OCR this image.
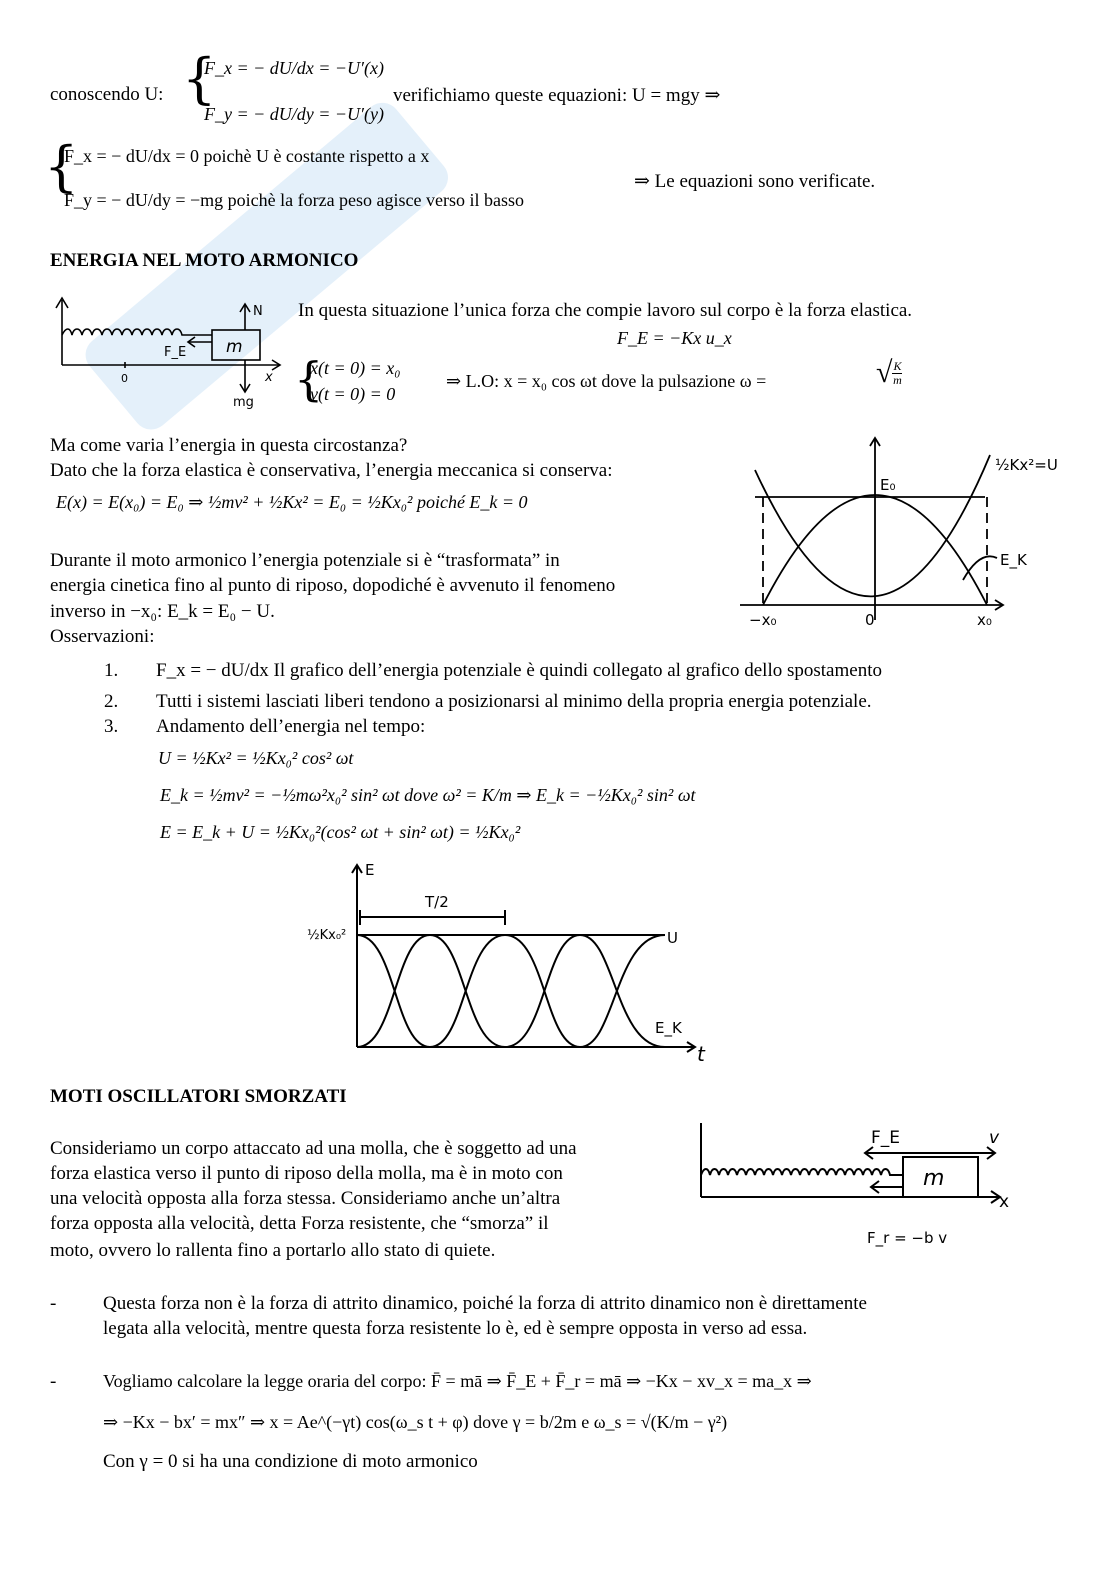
conoscendo U: {
F_x = − dU/dx = −U′(x)
F_y = − dU/dy = −U′(y)
verifichiamo queste equazioni: U = mgy ⇒
{
F_x = − dU/dx = 0 poichè U è costante rispetto a x
F_y = − dU/dy = −mg poichè la forza peso agisce verso il basso
⇒ Le equazioni sono verificate.
ENERGIA NEL MOTO ARMONICO
N
F_E m
0	x
mg
In questa situazione l’unica forza che compie lavoro sul corpo è la forza elastica.
F_E = −Kx u_x
{
x(t = 0) = x₀
v(t = 0) = 0
⇒ L.O: x = x₀ cos ωt dove la pulsazione ω =	√ $\frac{K}{m}$
Ma come varia l’energia in questa circostanza?
Dato che la forza elastica è conservativa, l’energia meccanica si conserva:
E(x) = E(x₀) = E₀ ⇒ ½mv² + ½Kx² = E₀ = ½Kx₀² poiché E_k = 0
½Kx²=U
E₀
E_K
−x₀	0	x₀
Durante il moto armonico l’energia potenziale si è “trasformata” in
energia cinetica fino al punto di riposo, dopodiché è avvenuto il fenomeno
inverso in −x₀: E_k = E₀ − U.
Osservazioni:
1. F_x = − dU/dx Il grafico dell’energia potenziale è quindi collegato al grafico dello spostamento
2. Tutti i sistemi lasciati liberi tendono a posizionarsi al minimo della propria energia potenziale.
3. Andamento dell’energia nel tempo:
U = ½Kx² = ½Kx₀² cos² ωt
E_k = ½mv² = −½mω²x₀² sin² ωt dove ω² = K/m ⇒ E_k = −½Kx₀² sin² ωt
E = E_k + U = ½Kx₀²(cos² ωt + sin² ωt) = ½Kx₀²
E
T/2
½Kx₀²	U
E_K
t
MOTI OSCILLATORI SMORZATI
Consideriamo un corpo attaccato ad una molla, che è soggetto ad una
forza elastica verso il punto di riposo della molla, ma è in moto con
una velocità opposta alla forza stessa. Consideriamo anche un’altra
forza opposta alla velocità, detta Forza resistente, che “smorza” il
moto, ovvero lo rallenta fino a portarlo allo stato di quiete.
F_E	v
m
x
F_r = −b v
- Questa forza non è la forza di attrito dinamico, poiché la forza di attrito dinamico non è direttamente
legata alla velocità, mentre questa forza resistente lo è, ed è sempre opposta in verso ad essa.
-	Vogliamo calcolare la legge oraria del corpo: F̄ = mā ⇒ F̄_E + F̄_r = mā ⇒ −Kx − xv_x = ma_x ⇒
⇒ −Kx − bx′ = mx″ ⇒ x = Ae^(−γt) cos(ω_s t + φ) dove γ = b/2m e ω_s = √(K/m − γ²)
Con γ = 0 si ha una condizione di moto armonico
